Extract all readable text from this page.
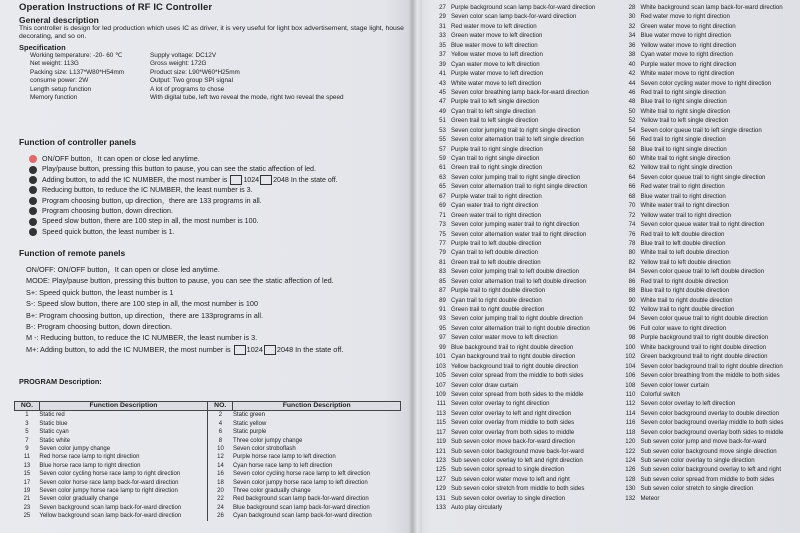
Operation Instructions of RF IC Controller
General description
This controller is design for led production which uses IC as driver, it is very useful for light box advertisement, stage light, house decorating, and so on.
Specification
Working temperature: -20- 60 ℃	Supply voltage: DC12V
Net weight: 113G	Gross weight: 172G
Packing size: L137*W80*H54mm	Product size: L90*W60*H25mm
consume power: 2W	Output: Two group SPI signal
Length setup function	A lot of programs to chose
Memory function	With digital tube, left two reveal the mode, right two reveal the speed
Function of controller panels
ON/OFF button，It can open or close led anytime.
Play/pause button, pressing this button to pause, you can see the static affection of led.
Adding button, to add the IC NUMBER, the most number is
1024 2048 In the state off.
Reducing button, to reduce the IC NUMBER, the least number is 3.
Program choosing button, up direction，there are 133 programs in all.
Program choosing button, down direction.
Speed slow button, there are 100 step in all, the most number is 100.
Speed quick button, the least number is 1.
Function of remote panels
ON/OFF: ON/OFF button，It can open or close led anytime.
MODE: Play/pause button, pressing this button to pause, you can see the static affection of led.
S+: Speed quick button, the least number is 1
S-: Speed slow button, there are 100 step in all, the most number is 100
B+: Program choosing button, up direction，there are 133programs in all.
B-: Program choosing button, down direction.
M -: Reducing button, to reduce the IC NUMBER, the least number is 3.
M+: Adding button, to add the IC NUMBER, the most number is 1024 2048 In the state off.
PROGRAM Description:
NO.	Function Description	NO.	Function Description
1	Static red	2	Static green
3	Static blue	4	Static yellow
5	Static cyan	6	Static purple
7	Static white	8	Three color jumpy change
9	Seven color jumpy change	10	Seven color stroboflash
11	Red horse race lamp to right direction	12	Purple horse race lamp to left direction
13	Blue horse race lamp to right direction	14	Cyan horse race lamp to left direction
15	Seven color cycling horse race lamp to right direction	16	Seven color cycling horse race lamp to left direction
17	Seven color horse race lamp back-for-ward direction	18	Seven color jumpy horse race lamp to left direction
19	Seven color jumpy horse race lamp to right direction	20	Three color gradually change
21	Seven color gradually change	22	Red background scan lamp back-for-ward direction
23	Seven background scan lamp back-for-ward direction	24	Blue background scan lamp back-for-ward direction
25	Yellow background scan lamp back-for-ward direction	26	Cyan background scan lamp back-for-ward direction
27 Purple background scan lamp back-for-ward direction	28 White background scan lamp back-for-ward direction
29 Seven color scan lamp back-for-ward direction	30 Red water move to right direction
31 Red water move to left direction	32 Green water move to right direction
33 Green water move to left direction	34 Blue water move to right direction
35 Blue water move to left direction	36 Yellow water move to right direction
37 Yellow water move to left direction	38 Cyan water move to right direction
39 Cyan water move to left direction	40 Purple water move to right direction
41 Purple water move to left direction	42 White water move to right direction
43 White water move to left direction	44 Seven color cycling water move to right direction
45 Seven color breathing lamp back-for-ward direction	46 Red trail to right single direction
47 Purple trail to left single direction	48 Blue trail to right single direction
49 Cyan trail to left single direction	50 White trail to right single direction
51 Green trail to left single direction	52 Yellow trail to left single direction
53 Seven color jumping trail to right single direction	54 Seven color queue trail to left single direction
55 Seven color alternation trail to left single direction	56 Red trail to right single direction
57 Purple trail to right single direction	58 Blue trail to right single direction
59 Cyan trail to right single direction	60 White trail to right single direction
61 Green trail to right single direction	62 Yellow trail to right single direction
63 Seven color jumping trail to right single direction	64 Seven color queue trail to right single direction
65 Seven color alternation trail to right single direction	66 Red water trail to right direction
67 Purple water trail to right direction	68 Blue water trail to right direction
69 Cyan water trail to right direction	70 White water trail to right direction
71 Green water trail to right direction	72 Yellow water trail to right direction
73 Seven color jumping water trail to right direction	74 Seven color queue water trail to right direction
75 Seven color alternation water trail to right direction	76 Red trail to left double direction
77 Purple trail to left double direction	78 Blue trail to left double direction
79 Cyan trail to left double direction	80 White trail to left double direction
81 Green trail to left double direction	82 Yellow trail to left double direction
83 Seven color jumping trail to left double direction	84 Seven color queue trail to left double direction
85 Seven color alternation trail to left double direction	86 Red trail to right double direction
87 Purple trail to right double direction	88 Blue trail to right double direction
89 Cyan trail to right double direction	90 White trail to right double direction
91 Green trail to right double direction	92 Yellow trail to right double direction
93 Seven color jumping trail to right double direction	94 Seven color queue trail to right double direction
95 Seven color alternation trail to right double direction	96 Full color wave to right direction
97 Seven color water move to left direction	98 Purple background trail to right double direction
99 Blue background trail to right double direction	100 White background trail to right double direction
101 Cyan background trail to right double direction	102 Green background trail to right double direction
103 Yellow background trail to right double direction	104 Seven color background trail to right double direction
105 Seven color spread from the middle to both sides	106 Seven color breathing from the middle to both sides
107 Seven color draw curtain	108 Seven color lower curtain
109 Seven color spread from both sides to the middle	110 Colorful switch
111 Seven color overlay to right direction	112 Seven color overlay to left direction
113 Seven color overlay to left and right direction	114 Seven color background overlay to double direction
115 Seven color overlay from middle to both sides	116 Seven color background overlay middle to both sides
117 Seven color overlay from both sides to middle	118 Seven color background overlay both sides to middle
119 Sub seven color move back-for-ward direction	120 Sub seven color jump and move back-for-ward
121 Sub seven color background move back-for-ward	122 Sub seven color background move single direction
123 Sub seven color overlay to left and right direction	124 Sub seven color overlay to single direction
125 Sub seven color spread to single direction	126 Sub seven color background overlay to left and right
127 Sub seven color water move to left and right	128 Sub seven color spread from middle to both sides
129 Sub seven color stretch from middle to both sides	130 Sub seven color stretch to single direction
131 Sub seven color overlay to single direction	132 Meteor
133 Auto play circularly
